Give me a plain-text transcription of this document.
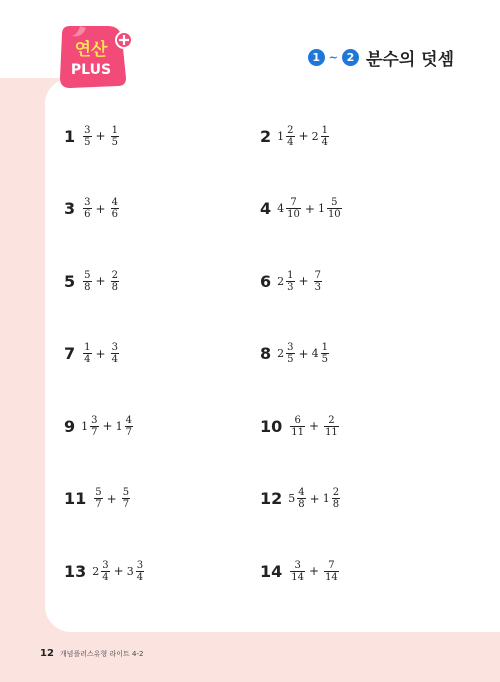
연산
PLUS
1 ~ 2 분수의 덧셈
$1 \frac{3}{5} + \frac{1}{5}$	2 $1 \frac{2}{4} + 2 \frac{1}{4}$
$3 \frac{3}{6} + \frac{4}{6}$	4 $4 \frac{7}{10} + 1 \frac{5}{10}$
$5 \frac{5}{8} + \frac{2}{8}$	6 $2 \frac{1}{3} + \frac{7}{3}$
$7 \frac{1}{4} + \frac{3}{4}$	8 $2 \frac{3}{5} + 4 \frac{1}{5}$
9 $1 \frac{3}{7} + 1 \frac{4}{7}$	$10 \frac{6}{11} + \frac{2}{11}$
$11 \frac{5}{7} + \frac{5}{7}$	12 $5 \frac{4}{8} + 1 \frac{2}{8}$
13 $2 \frac{3}{4} + 3 \frac{3}{4}$	$14 \frac{3}{14} + \frac{7}{14}$
12 개념플러스유형 라이트 4-2
